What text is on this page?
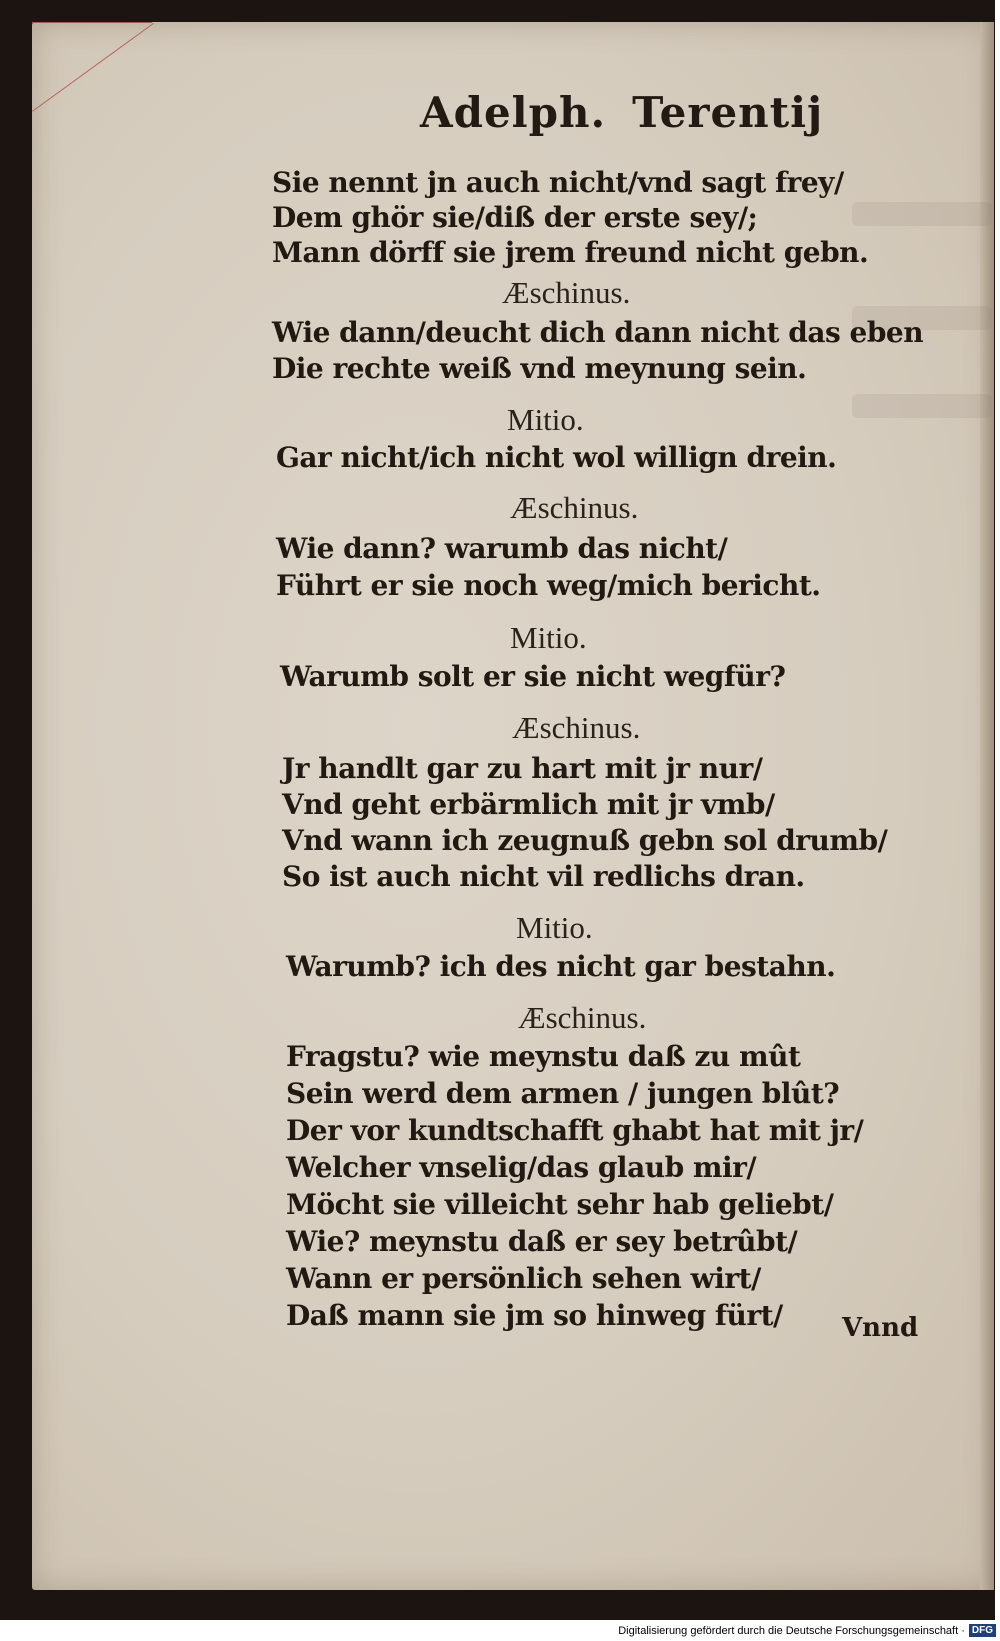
Adelph. Terentij
Sie nennt jn auch nicht/vnd sagt frey/
Dem ghör sie/diß der erste sey/;
Mann dörff sie jrem freund nicht gebn.
Æschinus.
Wie dann/deucht dich dann nicht das eben
Die rechte weiß vnd meynung sein.
Mitio.
Gar nicht/ich nicht wol willign drein.
Æschinus.
Wie dann? warumb das nicht/
Führt er sie noch weg/mich bericht.
Mitio.
Warumb solt er sie nicht wegfür?
Æschinus.
Jr handlt gar zu hart mit jr nur/
Vnd geht erbärmlich mit jr vmb/
Vnd wann ich zeugnuß gebn sol drumb/
So ist auch nicht vil redlichs dran.
Mitio.
Warumb? ich des nicht gar bestahn.
Æschinus.
Fragstu? wie meynstu daß zu mût
Sein werd dem armen / jungen blût?
Der vor kundtschafft ghabt hat mit jr/
Welcher vnselig/das glaub mir/
Möcht sie villeicht sehr hab geliebt/
Wie? meynstu daß er sey betrûbt/
Wann er persönlich sehen wirt/
Daß mann sie jm so hinweg fürt/ Vnnd
Digitalisierung gefördert durch die Deutsche Forschungsgemeinschaft · DFG
